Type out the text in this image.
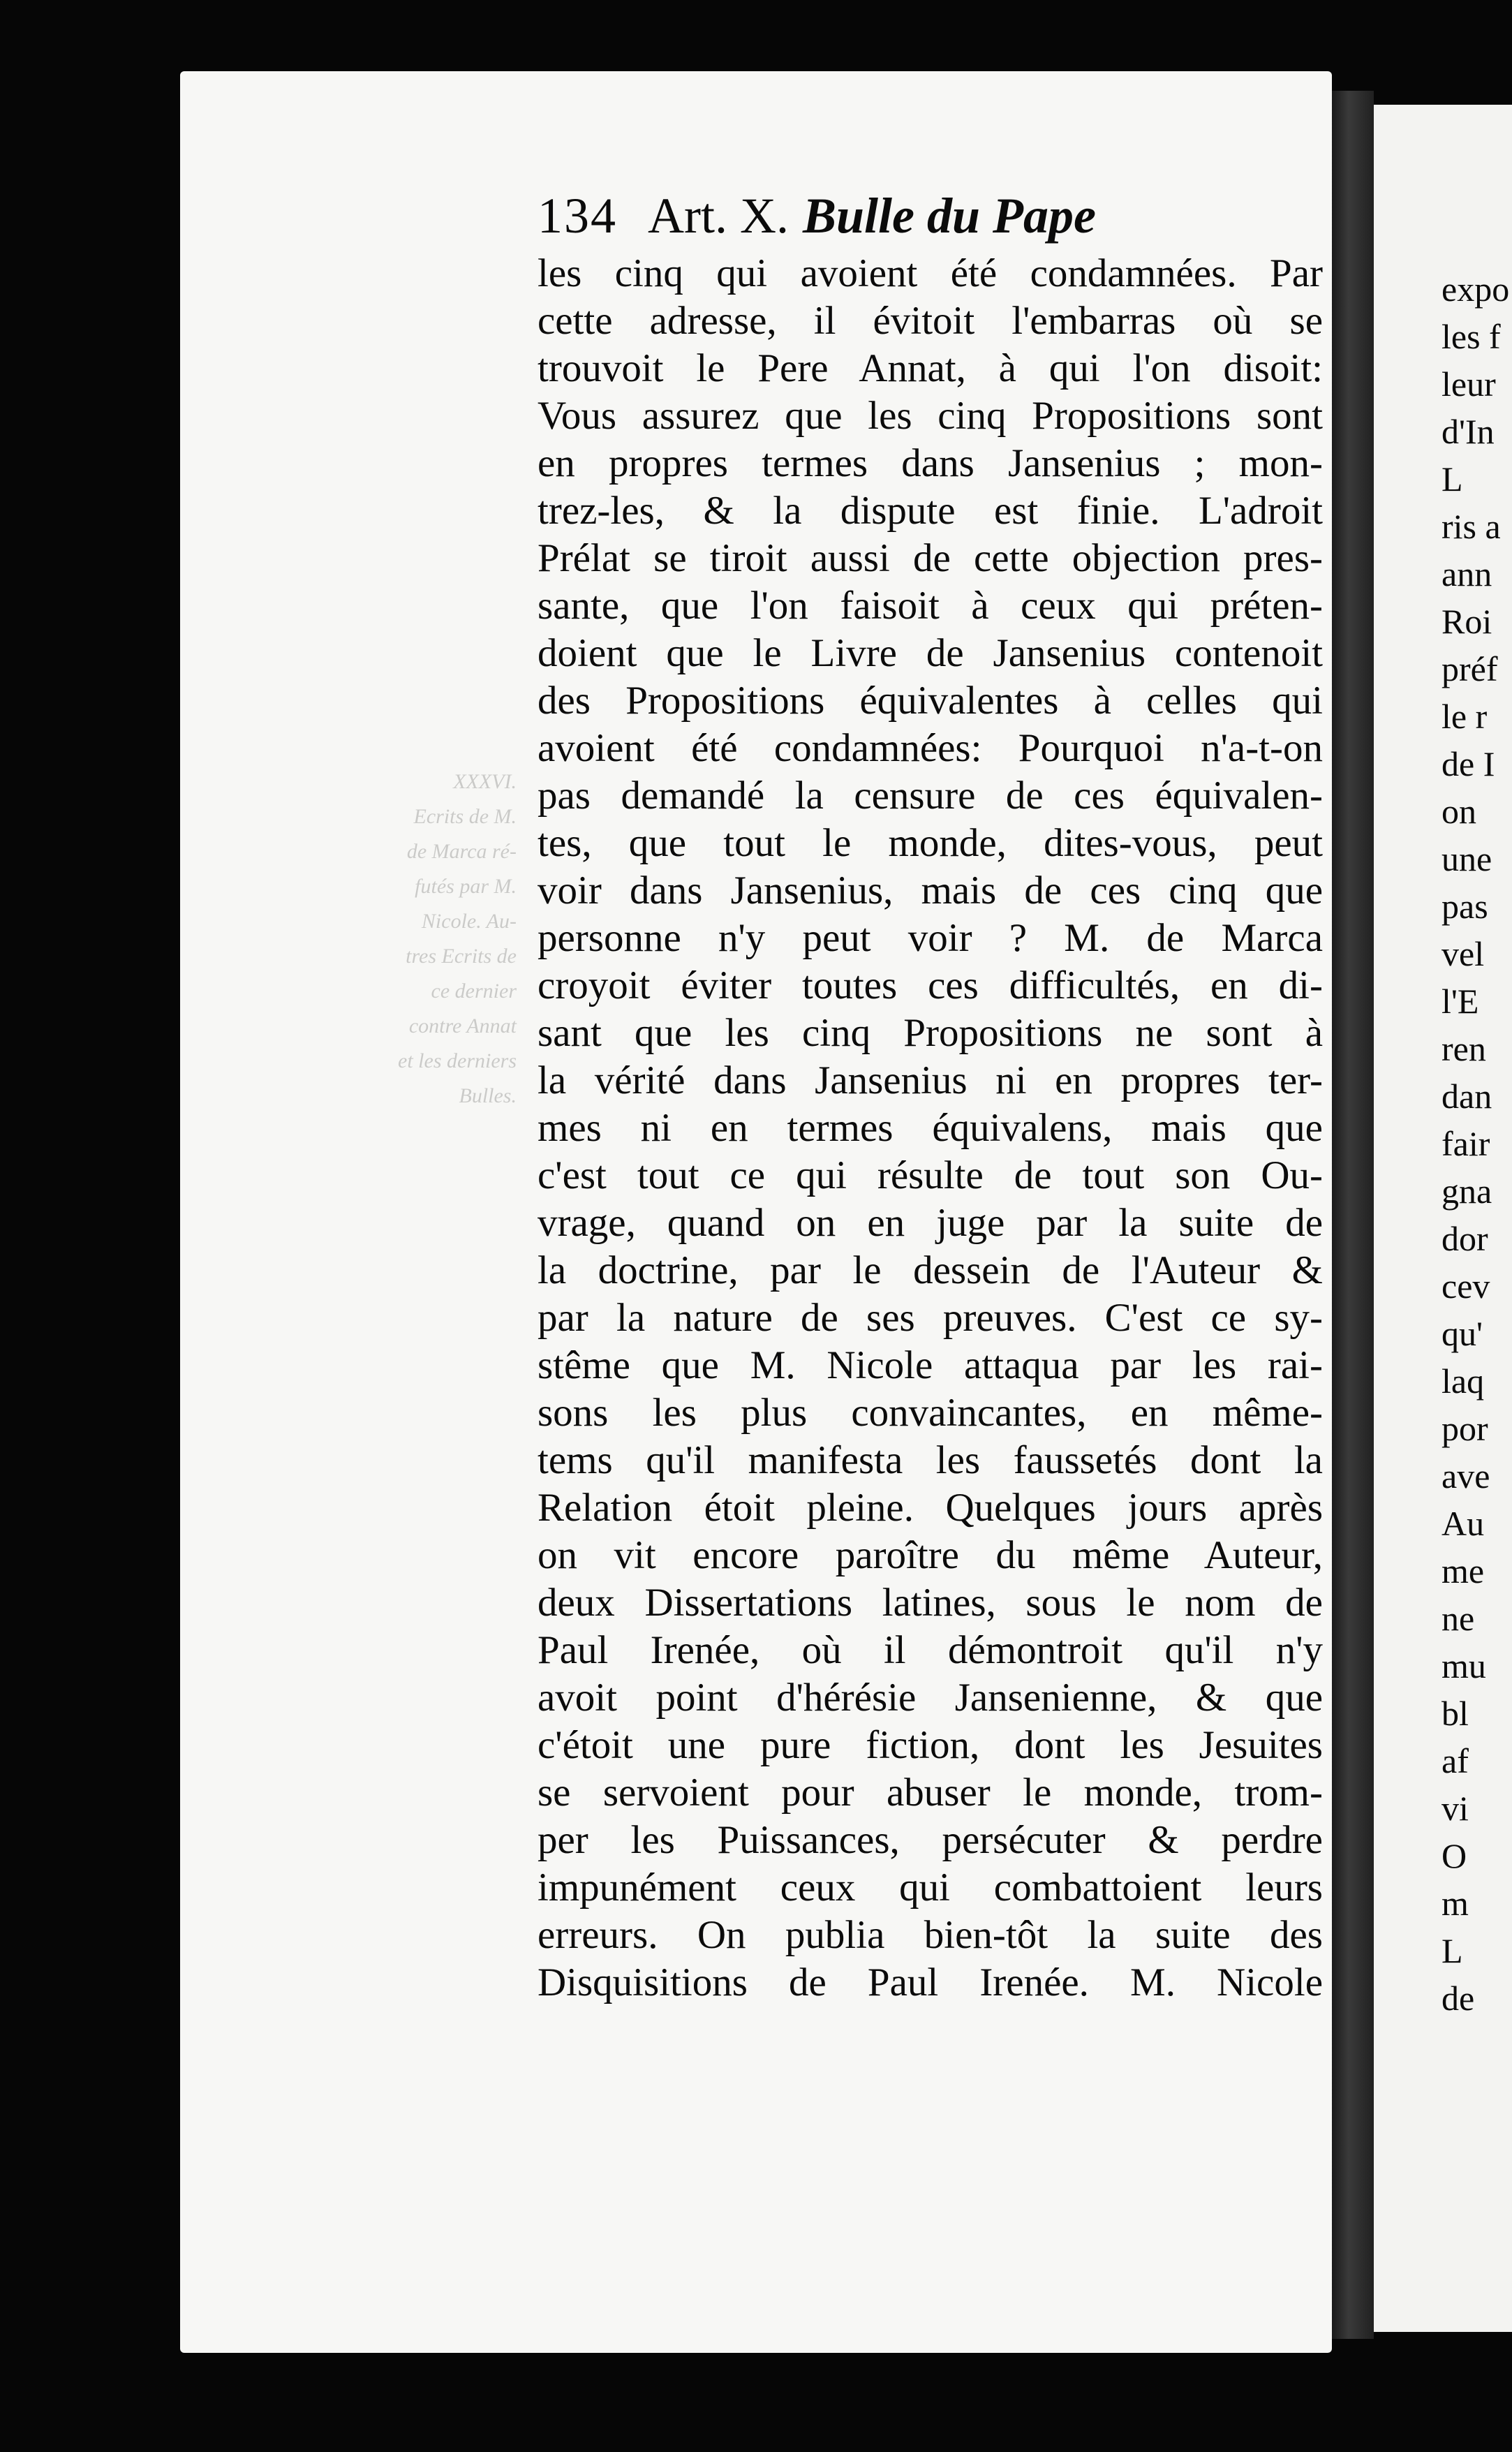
XXXVI.
Ecrits de M.
de Marca ré-
futés par M.
Nicole. Au-
tres Ecrits de
ce dernier
contre Annat
et les derniers
Bulles.
134 Art. X. Bulle du Pape
les cinq qui avoient été condamnées. Par
cette adresse, il évitoit l'embarras où se
trouvoit le Pere Annat, à qui l'on disoit:
Vous assurez que les cinq Propositions sont
en propres termes dans Jansenius ; mon-
trez-les, & la dispute est finie. L'adroit
Prélat se tiroit aussi de cette objection pres-
sante, que l'on faisoit à ceux qui préten-
doient que le Livre de Jansenius contenoit
des Propositions équivalentes à celles qui
avoient été condamnées: Pourquoi n'a-t-on
pas demandé la censure de ces équivalen-
tes, que tout le monde, dites-vous, peut
voir dans Jansenius, mais de ces cinq que
personne n'y peut voir ? M. de Marca
croyoit éviter toutes ces difficultés, en di-
sant que les cinq Propositions ne sont à
la vérité dans Jansenius ni en propres ter-
mes ni en termes équivalens, mais que
c'est tout ce qui résulte de tout son Ou-
vrage, quand on en juge par la suite de
la doctrine, par le dessein de l'Auteur &
par la nature de ses preuves. C'est ce sy-
stême que M. Nicole attaqua par les rai-
sons les plus convaincantes, en même-
tems qu'il manifesta les faussetés dont la
Relation étoit pleine. Quelques jours après
on vit encore paroître du même Auteur,
deux Dissertations latines, sous le nom de
Paul Irenée, où il démontroit qu'il n'y
avoit point d'hérésie Jansenienne, & que
c'étoit une pure fiction, dont les Jesuites
se servoient pour abuser le monde, trom-
per les Puissances, persécuter & perdre
impunément ceux qui combattoient leurs
erreurs. On publia bien-tôt la suite des
Disquisitions de Paul Irenée. M. Nicole
expo
les f
leur
d'In
L
ris a
ann
Roi
préf
le r
de I
on
une
pas
vel
l'E
ren
dan
fair
gna
dor
cev
qu'
laq
por
ave
Au
me
ne
mu
bl
af
vi
O
m
L
de
